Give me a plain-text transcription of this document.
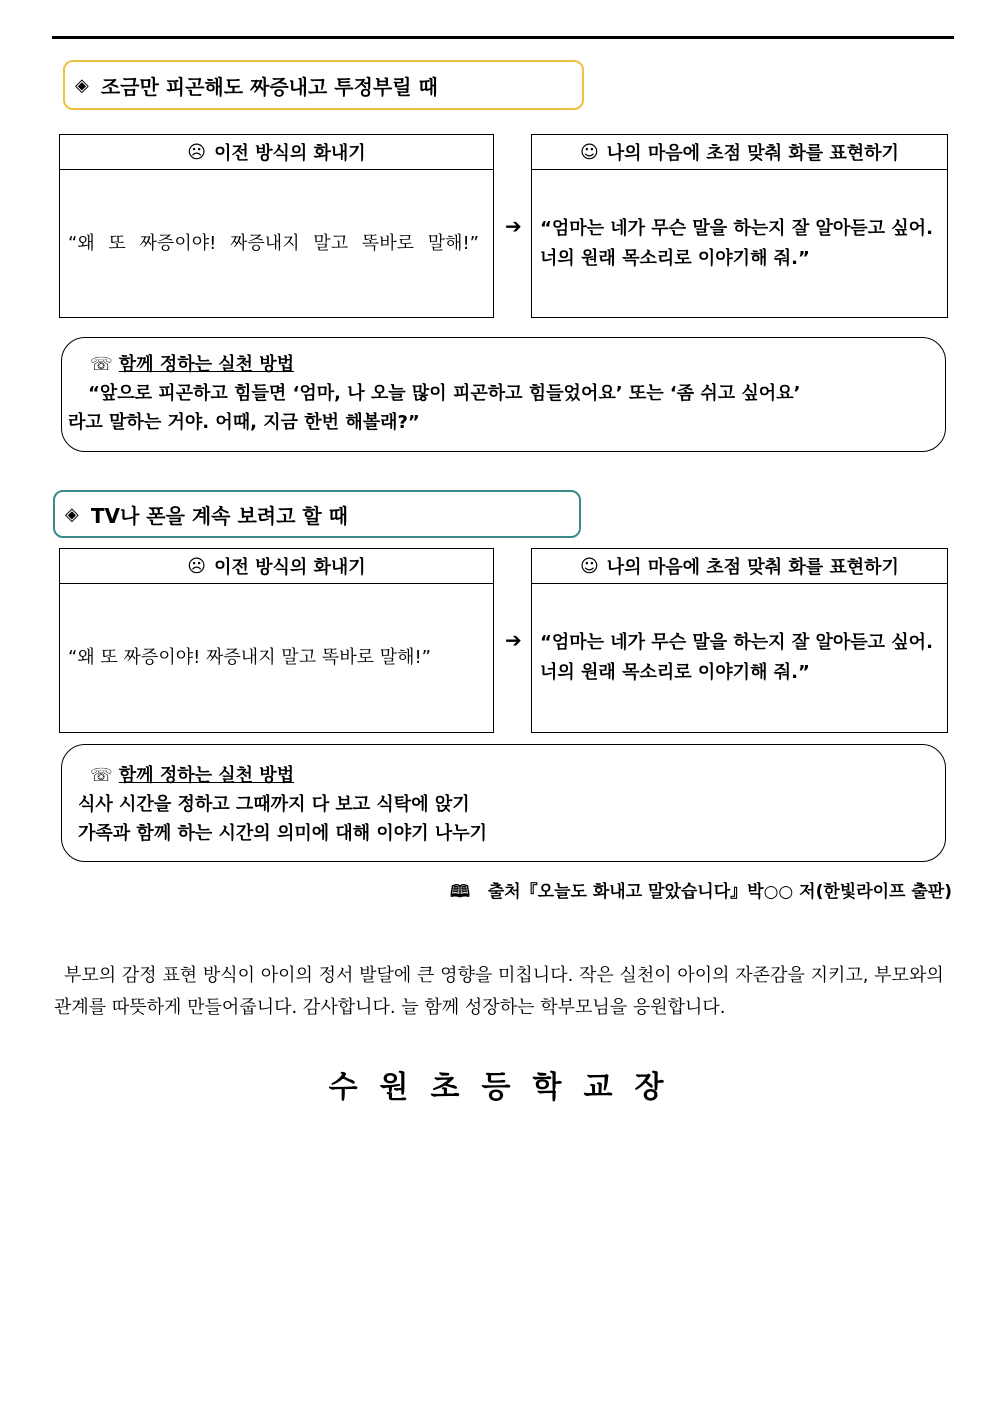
◈ 조금만 피곤해도 짜증내고 투정부릴 때
☹ 이전 방식의 화내기
“왜 또 짜증이야! 짜증내지 말고 똑바로 말해!”
➔
☺ 나의 마음에 초점 맞춰 화를 표현하기
“엄마는 네가 무슨 말을 하는지 잘 알아듣고 싶어. 너의 원래 목소리로 이야기해 줘.”
☏ 함께 정하는 실천 방법
“앞으로 피곤하고 힘들면 ‘엄마, 나 오늘 많이 피곤하고 힘들었어요’ 또는 ‘좀 쉬고 싶어요’
라고 말하는 거야. 어때, 지금 한번 해볼래?”
◈ TV나 폰을 계속 보려고 할 때
☹ 이전 방식의 화내기
“왜 또 짜증이야! 짜증내지 말고 똑바로 말해!”
➔
☺ 나의 마음에 초점 맞춰 화를 표현하기
“엄마는 네가 무슨 말을 하는지 잘 알아듣고 싶어. 너의 원래 목소리로 이야기해 줘.”
☏ 함께 정하는 실천 방법
식사 시간을 정하고 그때까지 다 보고 식탁에 앉기
가족과 함께 하는 시간의 의미에 대해 이야기 나누기
🕮 출처『오늘도 화내고 말았습니다』박○○ 저(한빛라이프 출판)
부모의 감정 표현 방식이 아이의 정서 발달에 큰 영향을 미칩니다. 작은 실천이 아이의 자존감을 지키고, 부모와의 관계를 따뜻하게 만들어줍니다. 감사합니다. 늘 함께 성장하는 학부모님을 응원합니다.
수원초등학교장
